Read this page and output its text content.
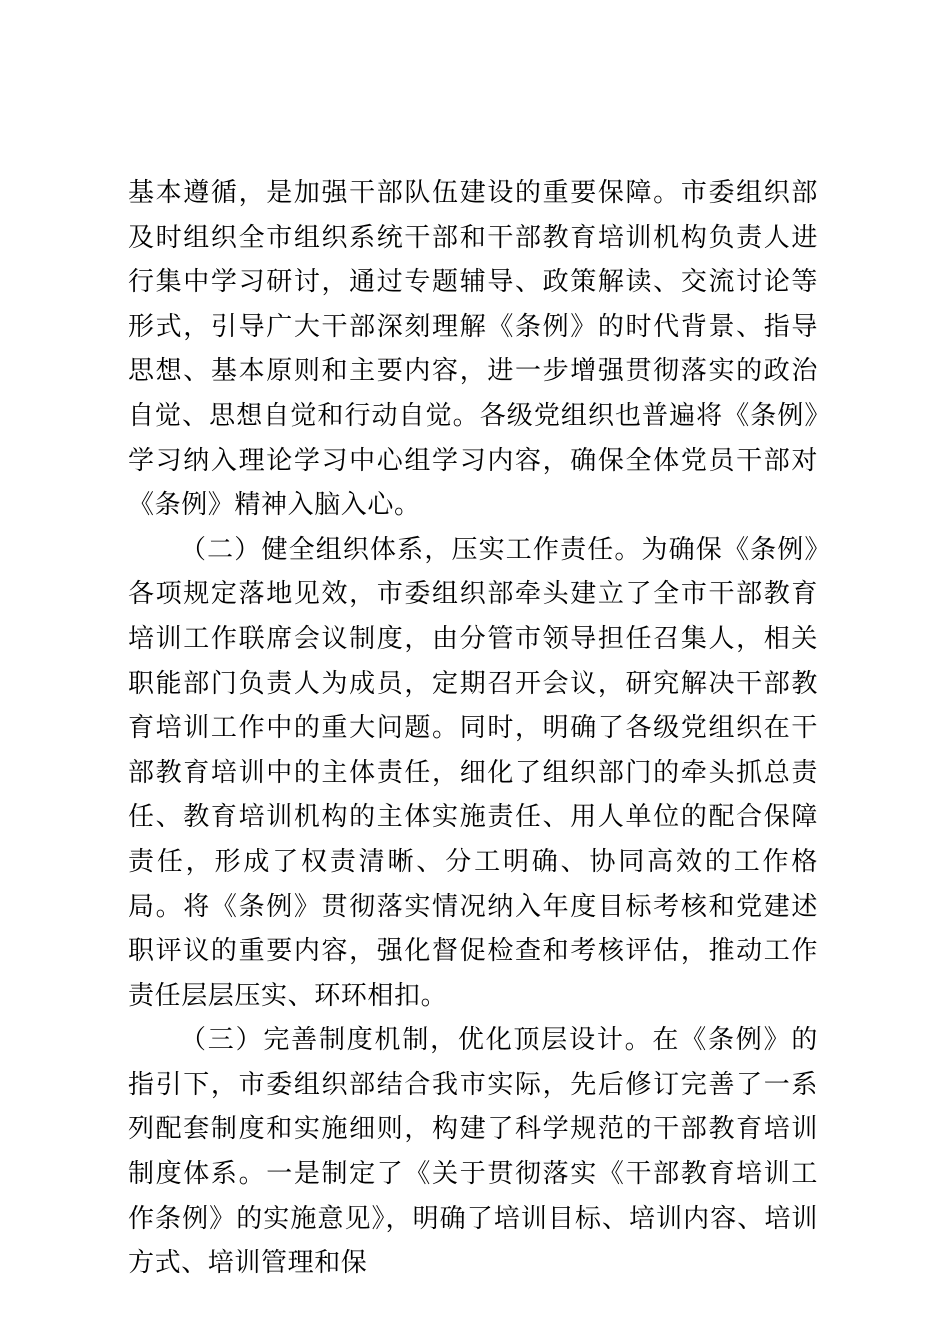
基本遵循，是加强干部队伍建设的重要保障。市委组织部及时组织全市组织系统干部和干部教育培训机构负责人进行集中学习研讨，通过专题辅导、政策解读、交流讨论等形式，引导广大干部深刻理解《条例》的时代背景、指导思想、基本原则和主要内容，进一步增强贯彻落实的政治自觉、思想自觉和行动自觉。各级党组织也普遍将《条例》学习纳入理论学习中心组学习内容，确保全体党员干部对《条例》精神入脑入心。

（二）健全组织体系，压实工作责任。为确保《条例》各项规定落地见效，市委组织部牵头建立了全市干部教育培训工作联席会议制度，由分管市领导担任召集人，相关职能部门负责人为成员，定期召开会议，研究解决干部教育培训工作中的重大问题。同时，明确了各级党组织在干部教育培训中的主体责任，细化了组织部门的牵头抓总责任、教育培训机构的主体实施责任、用人单位的配合保障责任，形成了权责清晰、分工明确、协同高效的工作格局。将《条例》贯彻落实情况纳入年度目标考核和党建述职评议的重要内容，强化督促检查和考核评估，推动工作责任层层压实、环环相扣。

（三）完善制度机制，优化顶层设计。在《条例》的指引下，市委组织部结合我市实际，先后修订完善了一系列配套制度和实施细则，构建了科学规范的干部教育培训制度体系。一是制定了《关于贯彻落实《干部教育培训工作条例》的实施意见》，明确了培训目标、培训内容、培训方式、培训管理和保
